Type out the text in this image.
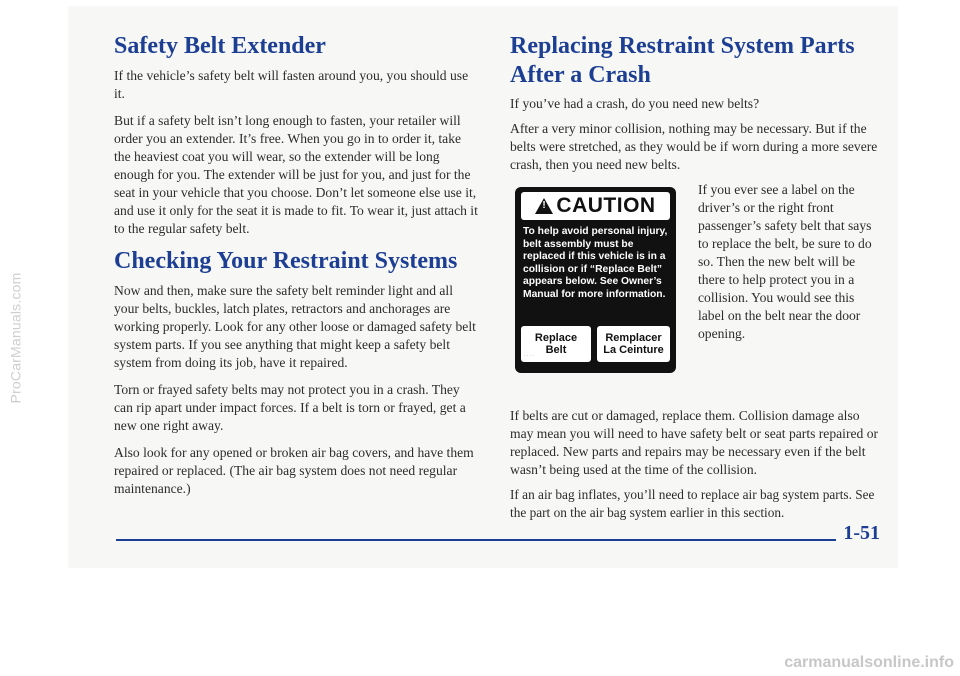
ProCarManuals.com
Safety Belt Extender

If the vehicle’s safety belt will fasten around you, you should use it.

But if a safety belt isn’t long enough to fasten, your retailer will order you an extender. It’s free. When you go in to order it, take the heaviest coat you will wear, so the extender will be long enough for you. The extender will be just for you, and just for the seat in your vehicle that you choose. Don’t let someone else use it, and use it only for the seat it is made to fit. To wear it, just attach it to the regular safety belt.

Checking Your Restraint Systems

Now and then, make sure the safety belt reminder light and all your belts, buckles, latch plates, retractors and anchorages are working properly. Look for any other loose or damaged safety belt system parts. If you see anything that might keep a safety belt system from doing its job, have it repaired.

Torn or frayed safety belts may not protect you in a crash. They can rip apart under impact forces. If a belt is torn or frayed, get a new one right away.

Also look for any opened or broken air bag covers, and have them repaired or replaced. (The air bag system does not need regular maintenance.)

Replacing Restraint System Parts After a Crash

If you’ve had a crash, do you need new belts?

After a very minor collision, nothing may be necessary. But if the belts were stretched, as they would be if worn during a more severe crash, then you need new belts.

!
CAUTION
To help avoid personal injury, belt assembly must be replaced if this vehicle is in a collision or if “Replace Belt” appears below. See Owner’s Manual for more information.
Replace
Belt
. . . .
Remplacer
La Ceinture

If you ever see a label on the driver’s or the right front passenger’s safety belt that says to replace the belt, be sure to do so. Then the new belt will be there to help protect you in a collision. You would see this label on the belt near the door opening.

If belts are cut or damaged, replace them. Collision damage also may mean you will need to have safety belt or seat parts repaired or replaced. New parts and repairs may be necessary even if the belt wasn’t being used at the time of the collision.

If an air bag inflates, you’ll need to replace air bag system parts. See the part on the air bag system earlier in this section.

1-51
carmanualsonline.info
